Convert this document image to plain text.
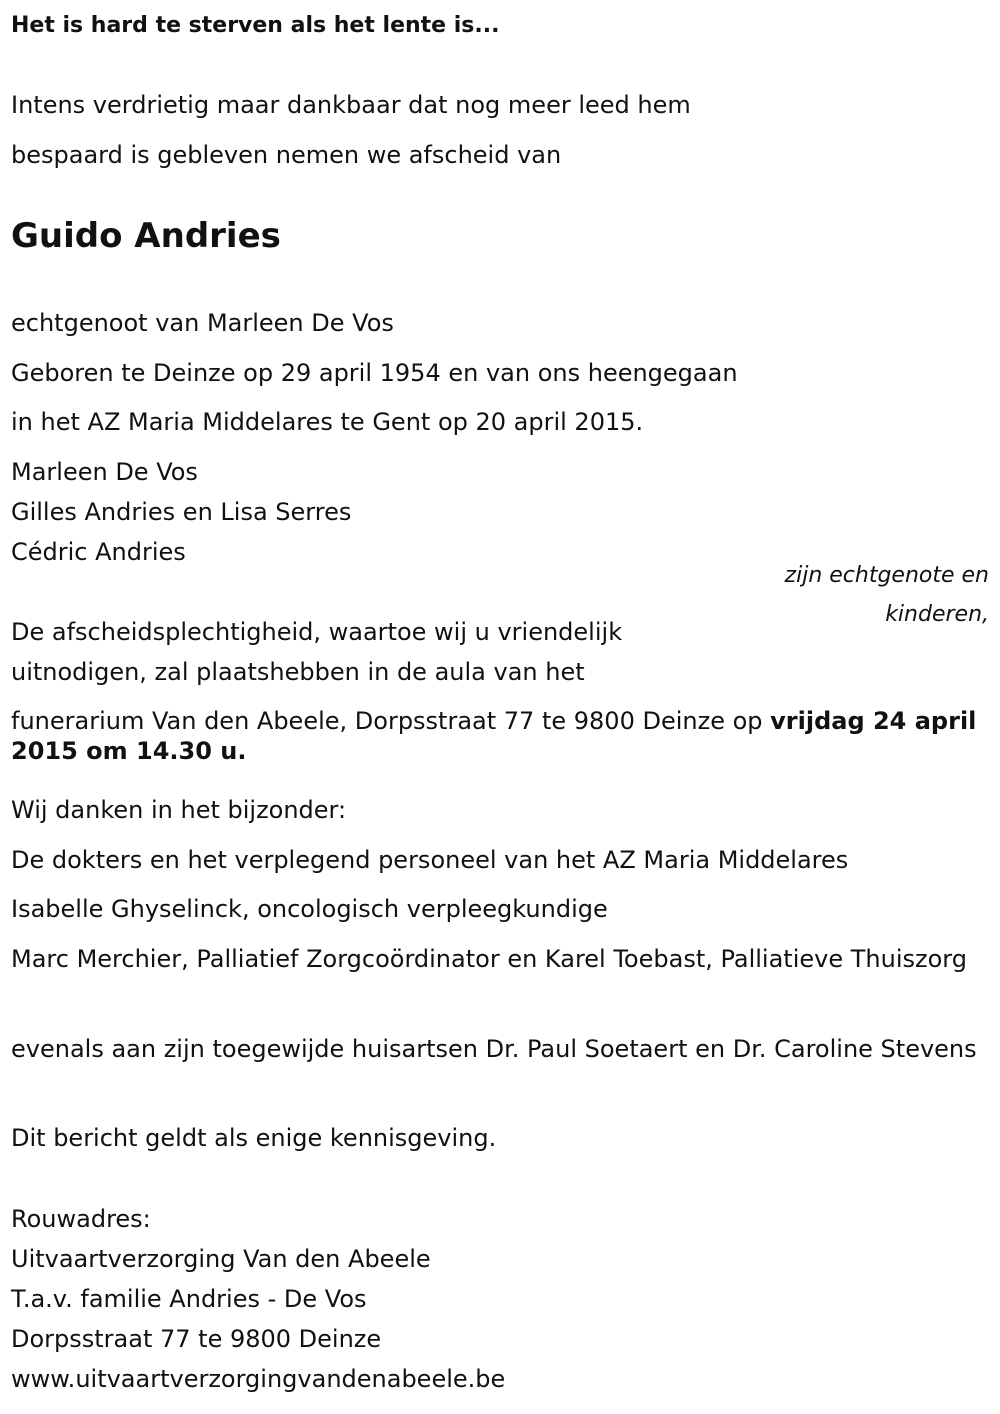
Het is hard te sterven als het lente is...

Intens verdrietig maar dankbaar dat nog meer leed hem

bespaard is gebleven nemen we afscheid van

Guido Andries

echtgenoot van Marleen De Vos

Geboren te Deinze op 29 april 1954 en van ons heengegaan

in het AZ Maria Middelares te Gent op 20 april 2015.

Marleen De Vos

Gilles Andries en Lisa Serres

Cédric Andries

zijn echtgenote en
kinderen,

De afscheidsplechtigheid, waartoe wij u vriendelijk

uitnodigen, zal plaatshebben in de aula van het

funerarium Van den Abeele, Dorpsstraat 77 te 9800 Deinze op vrijdag 24 april 2015 om 14.30 u.

Wij danken in het bijzonder:

De dokters en het verplegend personeel van het AZ Maria Middelares

Isabelle Ghyselinck, oncologisch verpleegkundige

Marc Merchier, Palliatief Zorgcoördinator en Karel Toebast, Palliatieve Thuiszorg

evenals aan zijn toegewijde huisartsen Dr. Paul Soetaert en Dr. Caroline Stevens

Dit bericht geldt als enige kennisgeving.

Rouwadres:

Uitvaartverzorging Van den Abeele

T.a.v. familie Andries - De Vos

Dorpsstraat 77 te 9800 Deinze

www.uitvaartverzorgingvandenabeele.be
